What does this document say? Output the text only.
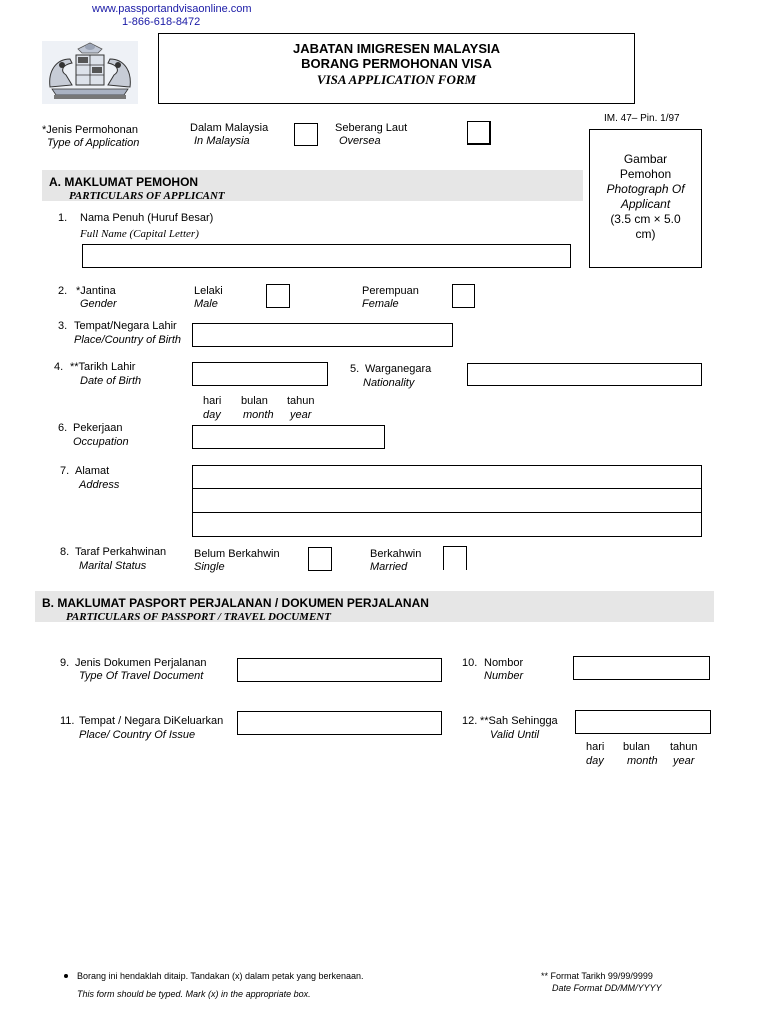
www.passportandvisaonline.com
1-866-618-8472
JABATAN IMIGRESEN MALAYSIA
BORANG PERMOHONAN VISA
VISA APPLICATION FORM
IM. 47– Pin. 1/97
*Jenis Permohonan
Type of Application
Dalam Malaysia
In Malaysia
Seberang Laut
Oversea
Gambar
Pemohon
Photograph Of
Applicant
(3.5 cm × 5.0
cm)
A. MAKLUMAT PEMOHON
PARTICULARS OF APPLICANT
1. Nama Penuh (Huruf Besar)
Full Name (Capital Letter)
2. *Jantina
Gender
Lelaki
Male
Perempuan
Female
3. Tempat/Negara Lahir
Place/Country of Birth
4. **Tarikh Lahir
Date of Birth
hari
day
bulan
month
tahun
year
5. Warganegara
Nationality
6. Pekerjaan
Occupation
7. Alamat
Address
8. Taraf Perkahwinan
Marital Status
Belum Berkahwin
Single
Berkahwin
Married
B. MAKLUMAT PASPORT PERJALANAN / DOKUMEN PERJALANAN
PARTICULARS OF PASSPORT / TRAVEL DOCUMENT
9. Jenis Dokumen Perjalanan
Type Of Travel Document
10. Nombor
Number
11. Tempat / Negara DiKeluarkan
Place/ Country Of Issue
12. **Sah Sehingga
Valid Until
hari
day
bulan
month
tahun
year
Borang ini hendaklah ditaip. Tandakan (x) dalam petak yang berkenaan.
This form should be typed. Mark (x) in the appropriate box.
** Format Tarikh 99/99/9999
Date Format DD/MM/YYYY
